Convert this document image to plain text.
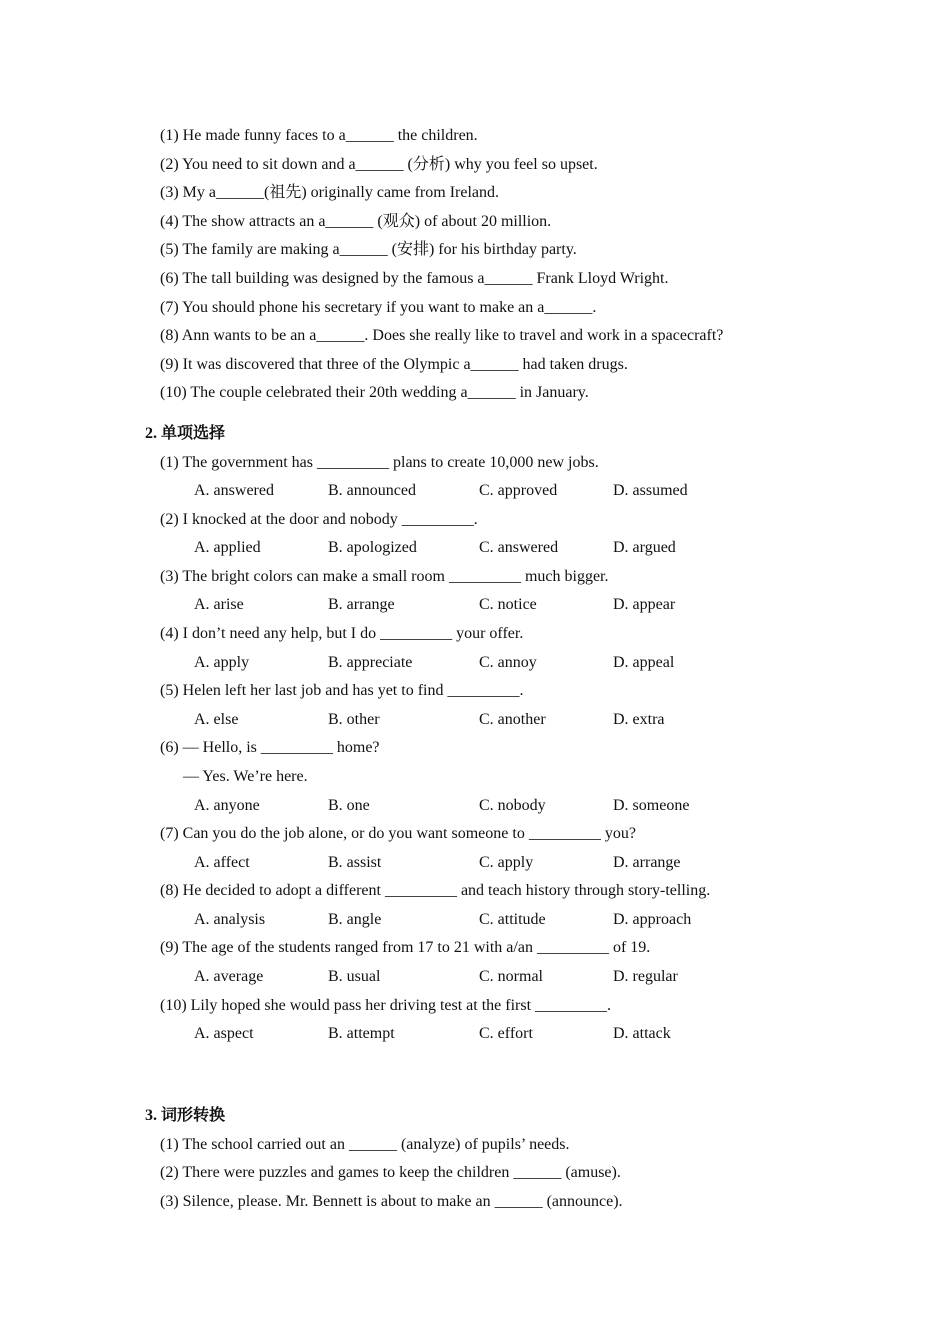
(1) He made funny faces to a______ the children.
(2) You need to sit down and a______ (分析) why you feel so upset.
(3) My a______(祖先) originally came from Ireland.
(4) The show attracts an a______ (观众) of about 20 million.
(5) The family are making a______ (安排) for his birthday party.
(6) The tall building was designed by the famous a______ Frank Lloyd Wright.
(7) You should phone his secretary if you want to make an a______.
(8) Ann wants to be an a______. Does she really like to travel and work in a spacecraft?
(9) It was discovered that three of the Olympic a______ had taken drugs.
(10) The couple celebrated their 20th wedding a______ in January.
2. 单项选择
(1) The government has _________ plans to create 10,000 new jobs.
A. answered	B. announced	C. approved	D. assumed
(2) I knocked at the door and nobody _________.
A. applied	B. apologized	C. answered	D. argued
(3) The bright colors can make a small room _________ much bigger.
A. arise	B. arrange	C. notice	D. appear
(4) I don’t need any help, but I do _________ your offer.
A. apply	B. appreciate	C. annoy	D. appeal
(5) Helen left her last job and has yet to find _________.
A. else	B. other	C. another	D. extra
(6) — Hello, is _________ home?
— Yes. We’re here.
A. anyone	B. one	C. nobody	D. someone
(7) Can you do the job alone, or do you want someone to _________ you?
A. affect	B. assist	C. apply	D. arrange
(8) He decided to adopt a different _________ and teach history through story-telling.
A. analysis	B. angle	C. attitude	D. approach
(9) The age of the students ranged from 17 to 21 with a/an _________ of 19.
A. average	B. usual	C. normal	D. regular
(10) Lily hoped she would pass her driving test at the first _________.
A. aspect	B. attempt	C. effort	D. attack
3. 词形转换
(1) The school carried out an ______ (analyze) of pupils’ needs.
(2) There were puzzles and games to keep the children ______ (amuse).
(3) Silence, please. Mr. Bennett is about to make an ______ (announce).
